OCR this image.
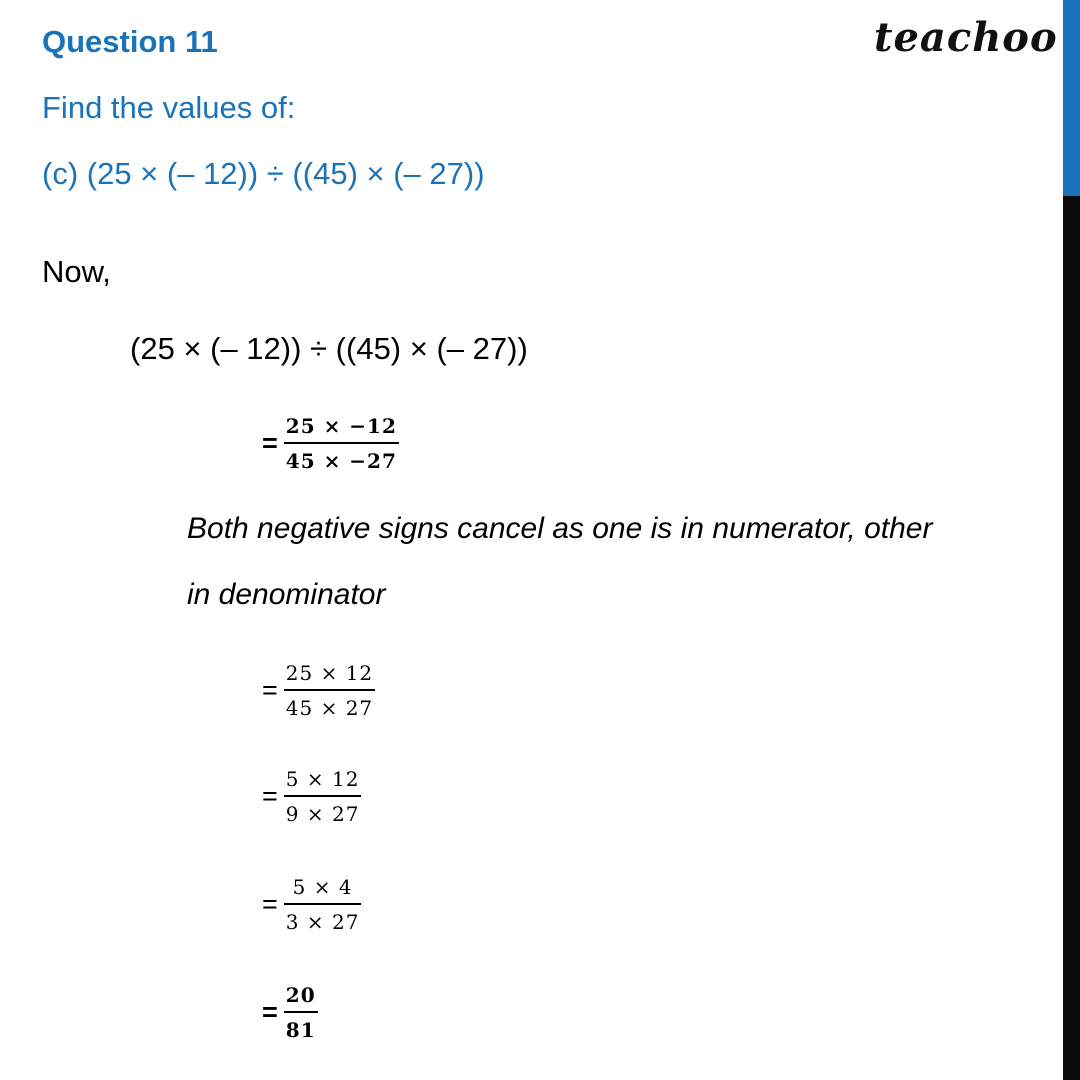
Question 11	teachoo
Find the values of:
(c) (25 × (– 12)) ÷ ((45) × (– 27))
Now,
(25 × (– 12)) ÷ ((45) × (– 27))
= $\frac{25 \times -12}{45 \times -27}$
Both negative signs cancel as one is in numerator, other
in denominator
= $\frac{25 \times 12}{45 \times 27}$
= $\frac{5 \times 12}{9 \times 27}$
= $\frac{5 \times 4}{3 \times 27}$
= $\frac{20}{81}$
